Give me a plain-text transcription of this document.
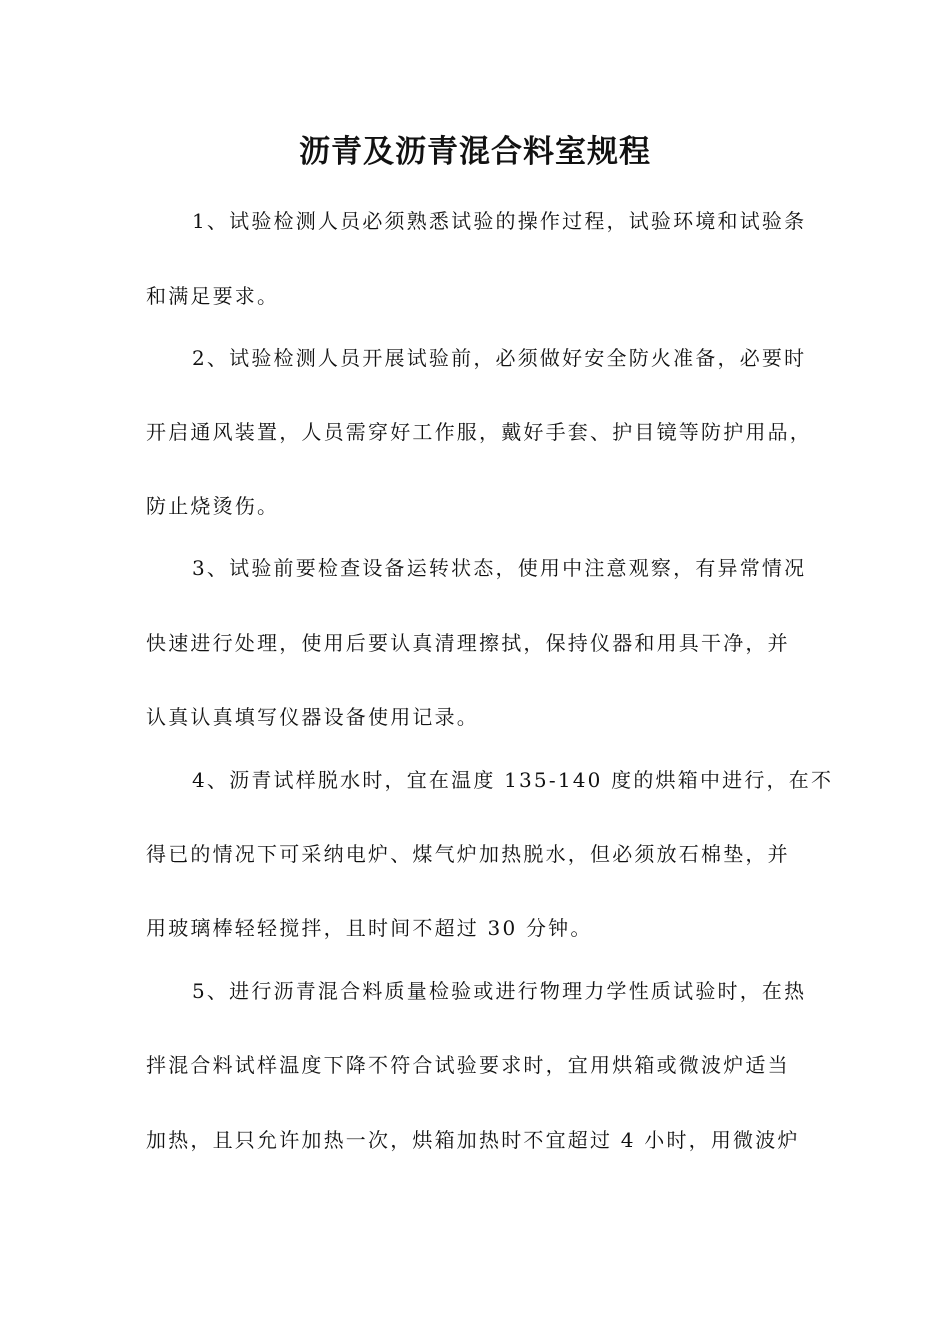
沥青及沥青混合料室规程
1、试验检测人员必须熟悉试验的操作过程，试验环境和试验条
和满足要求。
2、试验检测人员开展试验前，必须做好安全防火准备，必要时
开启通风装置，人员需穿好工作服，戴好手套、护目镜等防护用品，
防止烧烫伤。
3、试验前要检查设备运转状态，使用中注意观察，有异常情况
快速进行处理，使用后要认真清理擦拭，保持仪器和用具干净，并
认真认真填写仪器设备使用记录。
4、沥青试样脱水时，宜在温度 135-140 度的烘箱中进行，在不
得已的情况下可采纳电炉、煤气炉加热脱水，但必须放石棉垫，并
用玻璃棒轻轻搅拌，且时间不超过 30 分钟。
5、进行沥青混合料质量检验或进行物理力学性质试验时，在热
拌混合料试样温度下降不符合试验要求时，宜用烘箱或微波炉适当
加热，且只允许加热一次，烘箱加热时不宜超过 4 小时，用微波炉
